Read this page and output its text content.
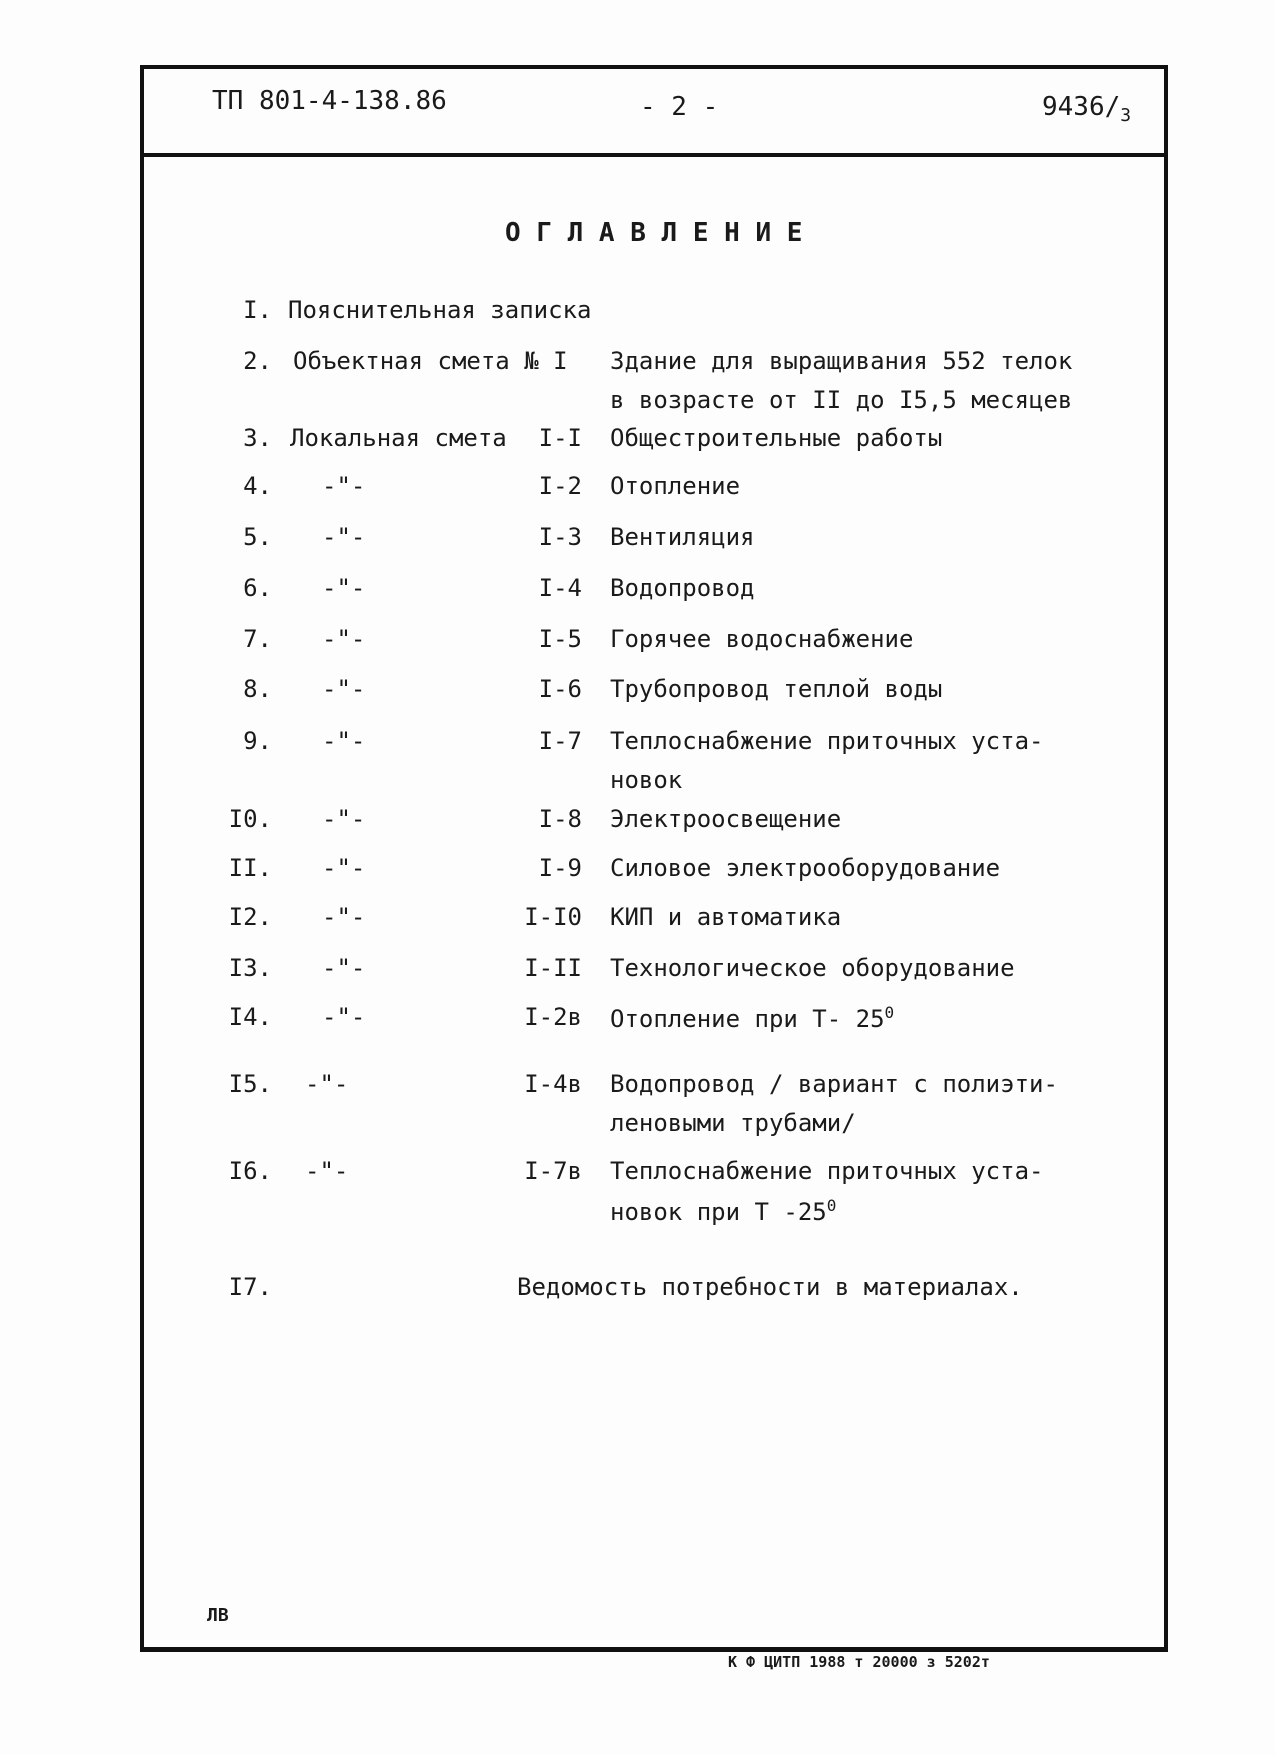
ТП 801-4-138.86	- 2 -	$9436/_3$
О Г Л А В Л Е Н И Е
I. Пояснительная записка
2. Объектная смета № I Здание для выращивания 552 телок
в возрасте от II до I5,5 месяцев
3. Локальная смета	I-I Общестроительные работы
4. -"-	I-2 Отопление
5. -"-	I-3 Вентиляция
6. -"-	I-4 Водопровод
7. -"-	I-5 Горячее водоснабжение
8. -"-	I-6 Трубопровод теплой воды
9. -"-	I-7 Теплоснабжение приточных уста-
новок
I0. -"-	I-8 Электроосвещение
II. -"-	I-9 Силовое электрооборудование
I2. -"-	I-I0 КИП и автоматика
I3. -"-	I-II Технологическое оборудование
I4. -"-	I-2в Отопление при Т- $25^0$
I5. -"-	I-4в Водопровод / вариант с полиэти-
леновыми трубами/
I6. -"-	I-7в Теплоснабжение приточных уста-
новок при Т $-25^0$
I7.	Ведомость потребности в материалах.
ЛВ
К Ф ЦИТП 1988 т 20000 з 5202т
